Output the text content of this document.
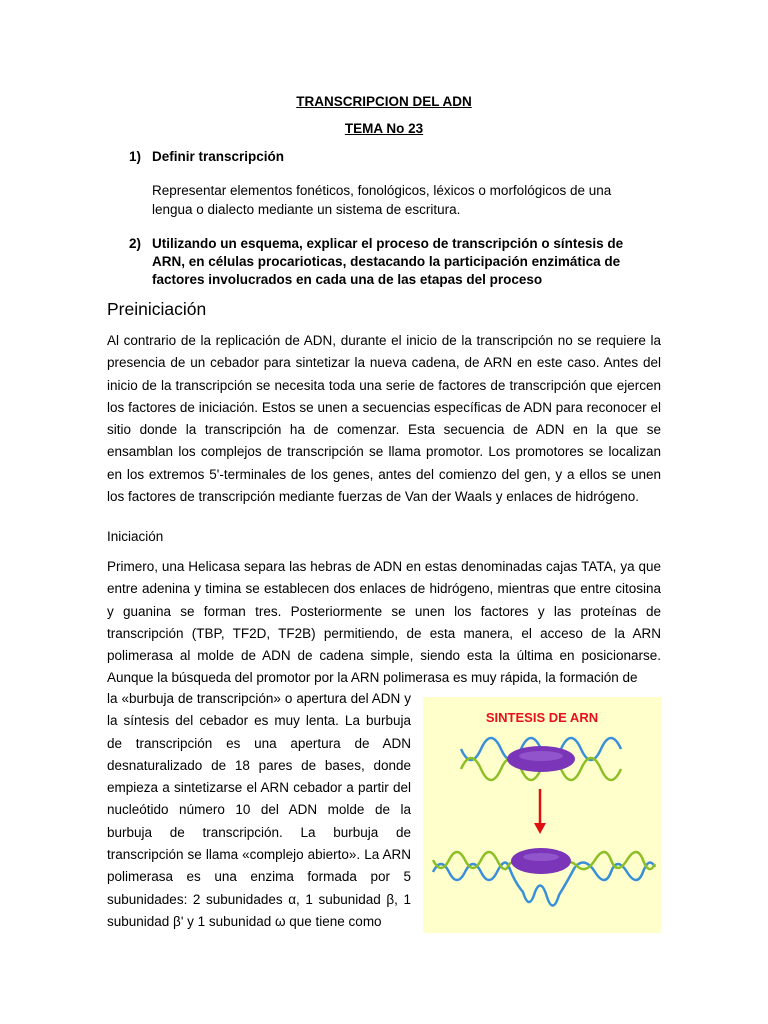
TRANSCRIPCION DEL ADN
TEMA No 23
1) Definir transcripción
Representar elementos fonéticos, fonológicos, léxicos o morfológicos de una lengua o dialecto mediante un sistema de escritura.
2) Utilizando un esquema, explicar el proceso de transcripción o síntesis de ARN, en células procarioticas, destacando la participación enzimática de factores involucrados en cada una de las etapas del proceso
Preiniciación
Al contrario de la replicación de ADN, durante el inicio de la transcripción no se requiere la presencia de un cebador para sintetizar la nueva cadena, de ARN en este caso. Antes del inicio de la transcripción se necesita toda una serie de factores de transcripción que ejercen los factores de iniciación. Estos se unen a secuencias específicas de ADN para reconocer el sitio donde la transcripción ha de comenzar. Esta secuencia de ADN en la que se ensamblan los complejos de transcripción se llama promotor. Los promotores se localizan en los extremos 5'-terminales de los genes, antes del comienzo del gen, y a ellos se unen los factores de transcripción mediante fuerzas de Van der Waals y enlaces de hidrógeno.
Iniciación
Primero, una Helicasa separa las hebras de ADN en estas denominadas cajas TATA, ya que entre adenina y timina se establecen dos enlaces de hidrógeno, mientras que entre citosina y guanina se forman tres. Posteriormente se unen los factores y las proteínas de transcripción (TBP, TF2D, TF2B) permitiendo, de esta manera, el acceso de la ARN polimerasa al molde de ADN de cadena simple, siendo esta la última en posicionarse. Aunque la búsqueda del promotor por la ARN polimerasa es muy rápida, la formación de
la «burbuja de transcripción» o apertura del ADN y la síntesis del cebador es muy lenta. La burbuja de transcripción es una apertura de ADN desnaturalizado de 18 pares de bases, donde empieza a sintetizarse el ARN cebador a partir del nucleótido número 10 del ADN molde de la burbuja de transcripción. La burbuja de transcripción se llama «complejo abierto». La ARN polimerasa es una enzima formada por 5 subunidades: 2 subunidades α, 1 subunidad β, 1 subunidad β' y 1 subunidad ω que tiene como
SINTESIS DE ARN
